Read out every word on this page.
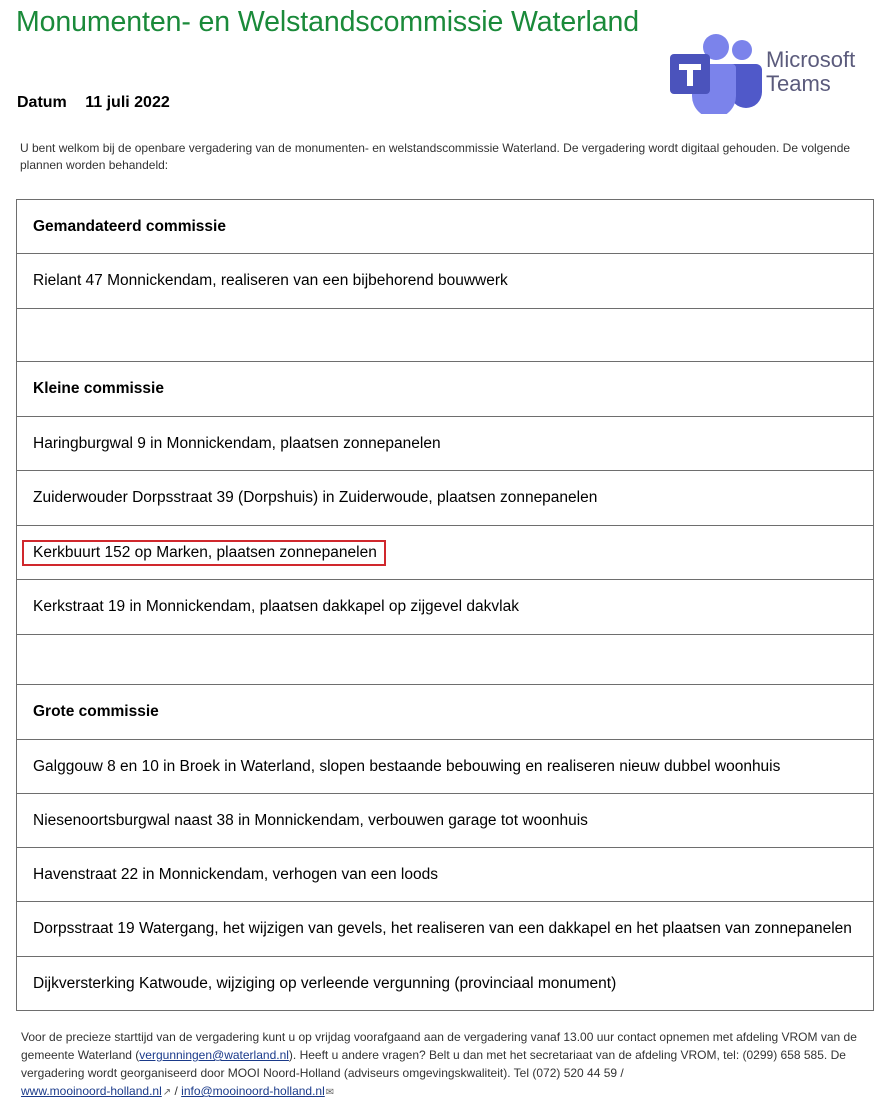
Monumenten- en Welstandscommissie Waterland
Datum 11 juli 2022
Microsoft
Teams
U bent welkom bij de openbare vergadering van de monumenten- en welstandscommissie Waterland. De vergadering wordt digitaal gehouden. De volgende plannen worden behandeld:
Gemandateerd commissie
Rielant 47 Monnickendam, realiseren van een bijbehorend bouwwerk
Kleine commissie
Haringburgwal 9 in Monnickendam, plaatsen zonnepanelen
Zuiderwouder Dorpsstraat 39 (Dorpshuis) in Zuiderwoude, plaatsen zonnepanelen
Kerkbuurt 152 op Marken, plaatsen zonnepanelen
Kerkstraat 19 in Monnickendam, plaatsen dakkapel op zijgevel dakvlak
Grote commissie
Galggouw 8 en 10 in Broek in Waterland, slopen bestaande bebouwing en realiseren nieuw dubbel woonhuis
Niesenoortsburgwal naast 38 in Monnickendam, verbouwen garage tot woonhuis
Havenstraat 22 in Monnickendam, verhogen van een loods
Dorpsstraat 19 Watergang, het wijzigen van gevels, het realiseren van een dakkapel en het plaatsen van zonnepanelen
Dijkversterking Katwoude, wijziging op verleende vergunning (provinciaal monument)
Voor de precieze starttijd van de vergadering kunt u op vrijdag voorafgaand aan de vergadering vanaf 13.00 uur contact opnemen met afdeling VROM van de gemeente Waterland (vergunningen@waterland.nl). Heeft u andere vragen? Belt u dan met het secretariaat van de afdeling VROM, tel: (0299) 658 585. De vergadering wordt georganiseerd door MOOI Noord-Holland (adviseurs omgevingskwaliteit). Tel (072) 520 44 59 /
www.mooinoord-holland.nl↗ / info@mooinoord-holland.nl✉
